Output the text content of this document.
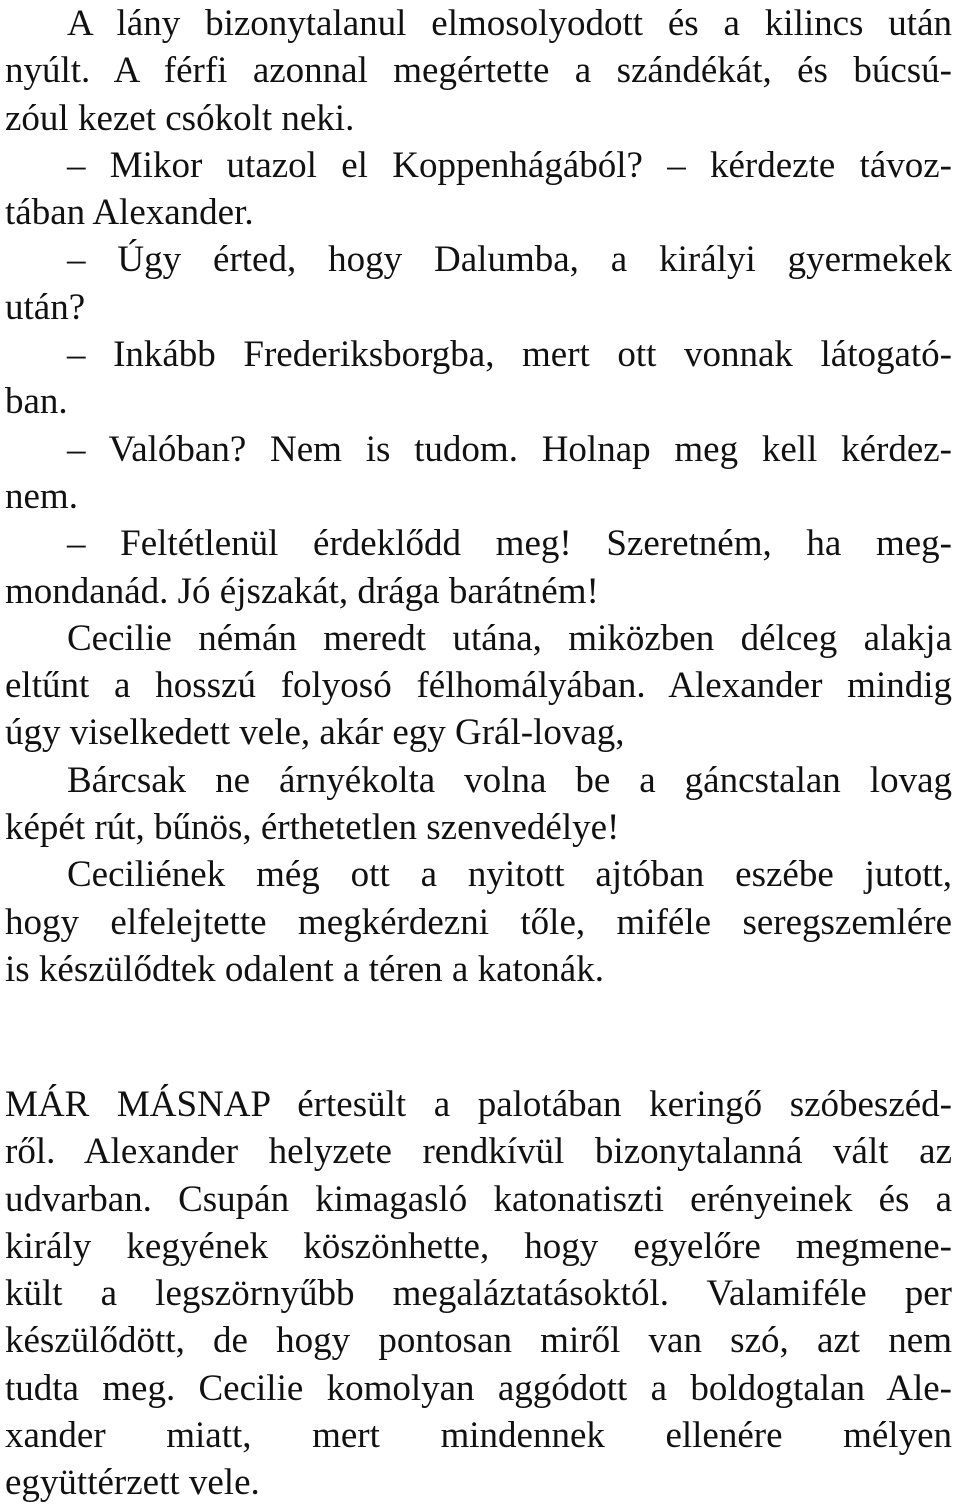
A lány bizonytalanul elmosolyodott és a kilincs után
nyúlt. A férfi azonnal megértette a szándékát, és búcsú-
zóul kezet csókolt neki.
– Mikor utazol el Koppenhágából? – kérdezte távoz-
tában Alexander.
– Úgy érted, hogy Dalumba, a királyi gyermekek
után?
– Inkább Frederiksborgba, mert ott vonnak látogató-
ban.
– Valóban? Nem is tudom. Holnap meg kell kérdez-
nem.
– Feltétlenül érdeklődd meg! Szeretném, ha meg-
mondanád. Jó éjszakát, drága barátném!
Cecilie némán meredt utána, miközben délceg alakja
eltűnt a hosszú folyosó félhomályában. Alexander mindig
úgy viselkedett vele, akár egy Grál-lovag,
Bárcsak ne árnyékolta volna be a gáncstalan lovag
képét rút, bűnös, érthetetlen szenvedélye!
Ceciliének még ott a nyitott ajtóban eszébe jutott,
hogy elfelejtette megkérdezni tőle, miféle seregszemlére
is készülődtek odalent a téren a katonák.
MÁR MÁSNAP értesült a palotában keringő szóbeszéd-
ről. Alexander helyzete rendkívül bizonytalanná vált az
udvarban. Csupán kimagasló katonatiszti erényeinek és a
király kegyének köszönhette, hogy egyelőre megmene-
kült a legszörnyűbb megaláztatásoktól. Valamiféle per
készülődött, de hogy pontosan miről van szó, azt nem
tudta meg. Cecilie komolyan aggódott a boldogtalan Ale-
xander miatt, mert mindennek ellenére mélyen
együttérzett vele.
